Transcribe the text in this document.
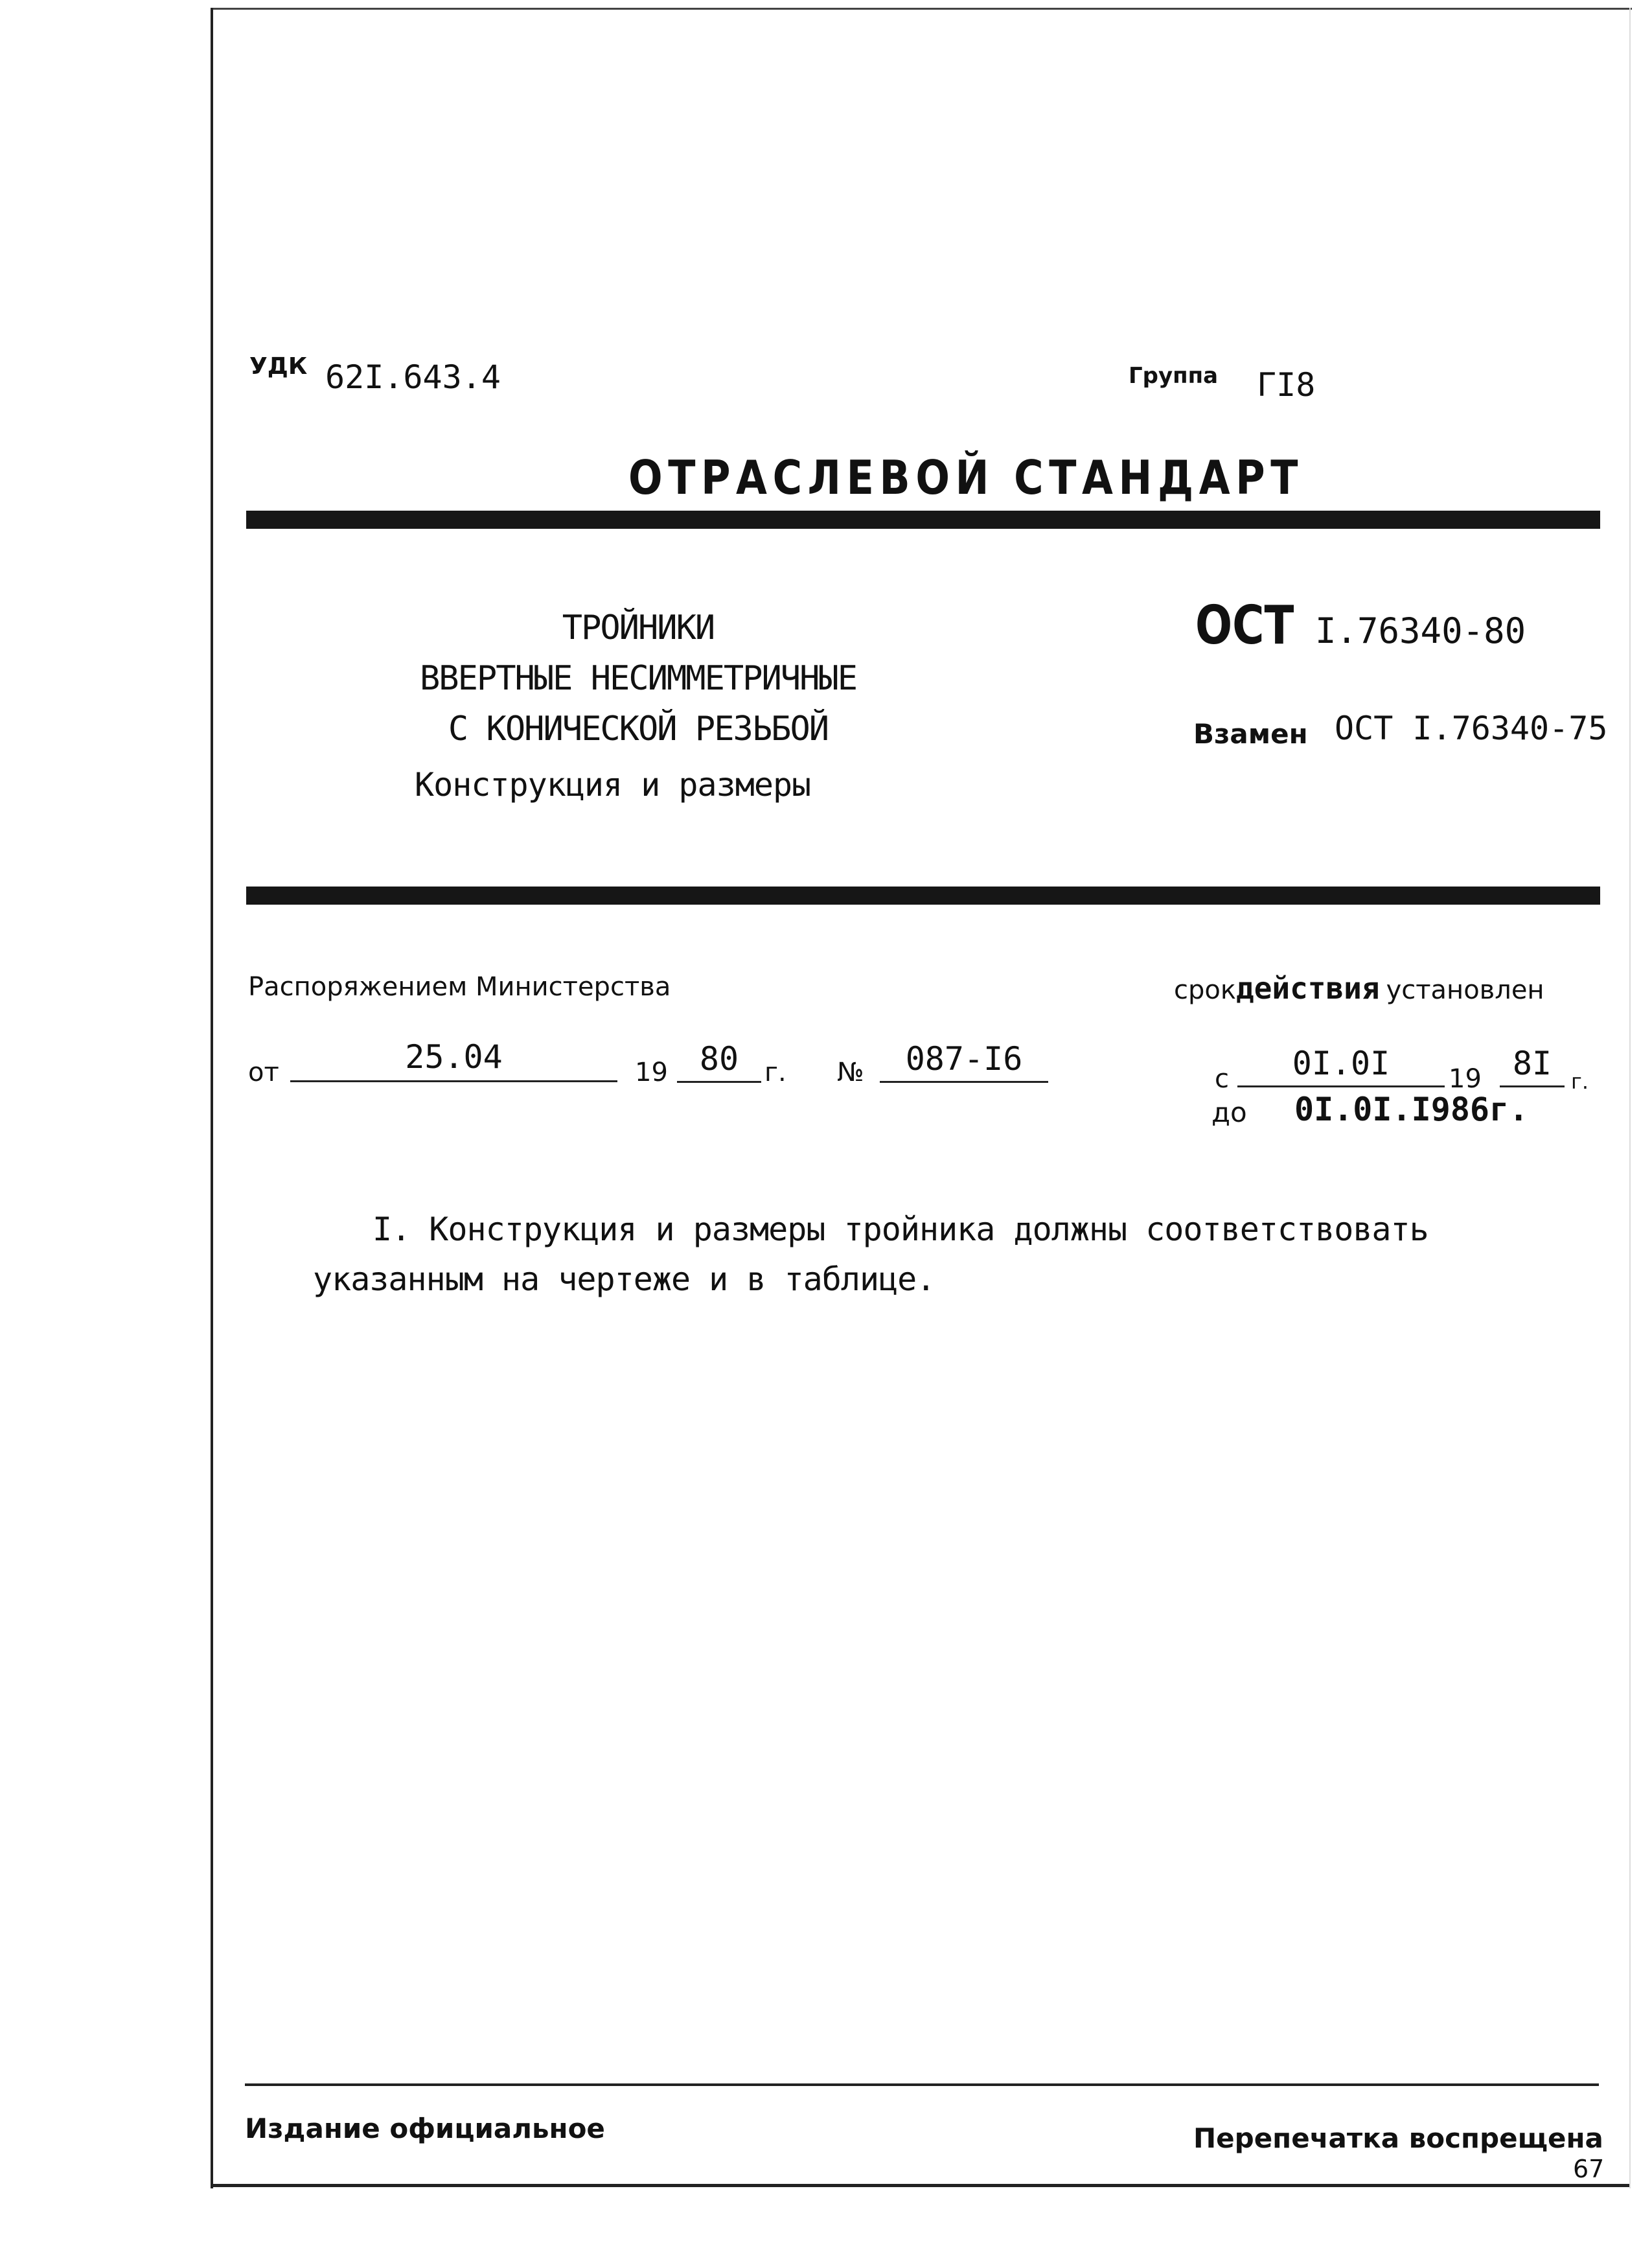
УДК 62I.643.4	Группа ГI8
ОТРАСЛЕВОЙ СТАНДАРТ
ТРОЙНИКИ
ВВЕРТНЫЕ НЕСИММЕТРИЧНЫЕ
С КОНИЧЕСКОЙ РЕЗЬБОЙ
Конструкция и размеры
ОСТ I.76340-80
Взамен ОСТ I.76340-75
Распоряжением Министерства
от	25.04	19 80 г. №	087-I6
срокдействия установлен
с	0I.0I	19 8I г.
до 0I.0I.I986г.
I. Конструкция и размеры тройника должны соответствовать
указанным на чертеже и в таблице.
Издание официальное	Перепечатка воспрещена
67
